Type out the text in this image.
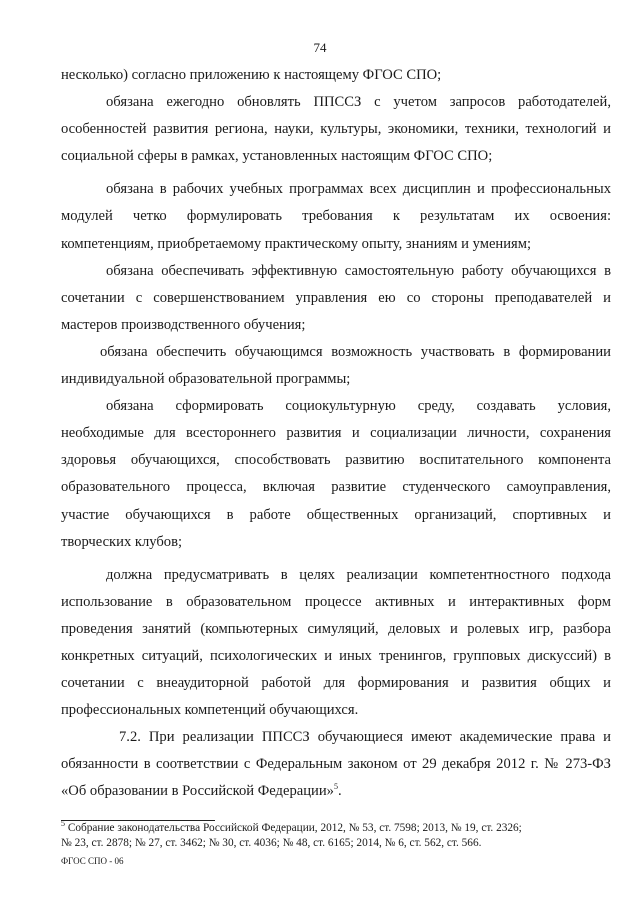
74
несколько) согласно приложению к настоящему ФГОС СПО;
обязана ежегодно обновлять ППССЗ с учетом запросов работодателей,
особенностей развития региона, науки, культуры, экономики, техники, технологий и
социальной сферы в рамках, установленных настоящим ФГОС СПО;
обязана в рабочих учебных программах всех дисциплин и профессиональных
модулей четко формулировать требования к результатам их освоения:
компетенциям, приобретаемому практическому опыту, знаниям и умениям;
обязана обеспечивать эффективную самостоятельную работу обучающихся в
сочетании с совершенствованием управления ею со стороны преподавателей и
мастеров производственного обучения;
обязана обеспечить обучающимся возможность участвовать в формировании
индивидуальной образовательной программы;
обязана сформировать социокультурную среду, создавать условия,
необходимые для всестороннего развития и социализации личности, сохранения
здоровья обучающихся, способствовать развитию воспитательного компонента
образовательного процесса, включая развитие студенческого самоуправления,
участие обучающихся в работе общественных организаций, спортивных и
творческих клубов;
должна предусматривать в целях реализации компетентностного подхода
использование в образовательном процессе активных и интерактивных форм
проведения занятий (компьютерных симуляций, деловых и ролевых игр, разбора
конкретных ситуаций, психологических и иных тренингов, групповых дискуссий) в
сочетании с внеаудиторной работой для формирования и развития общих и
профессиональных компетенций обучающихся.
7.2. При реализации ППССЗ обучающиеся имеют академические права и
обязанности в соответствии с Федеральным законом от 29 декабря 2012 г. № 273-ФЗ
«Об образовании в Российской Федерации»$^5$.
$^5$ Собрание законодательства Российской Федерации, 2012, № 53, ст. 7598; 2013, № 19, ст. 2326;
№ 23, ст. 2878; № 27, ст. 3462; № 30, ст. 4036; № 48, ст. 6165; 2014, № 6, ст. 562, ст. 566.
ФГОС СПО - 06
